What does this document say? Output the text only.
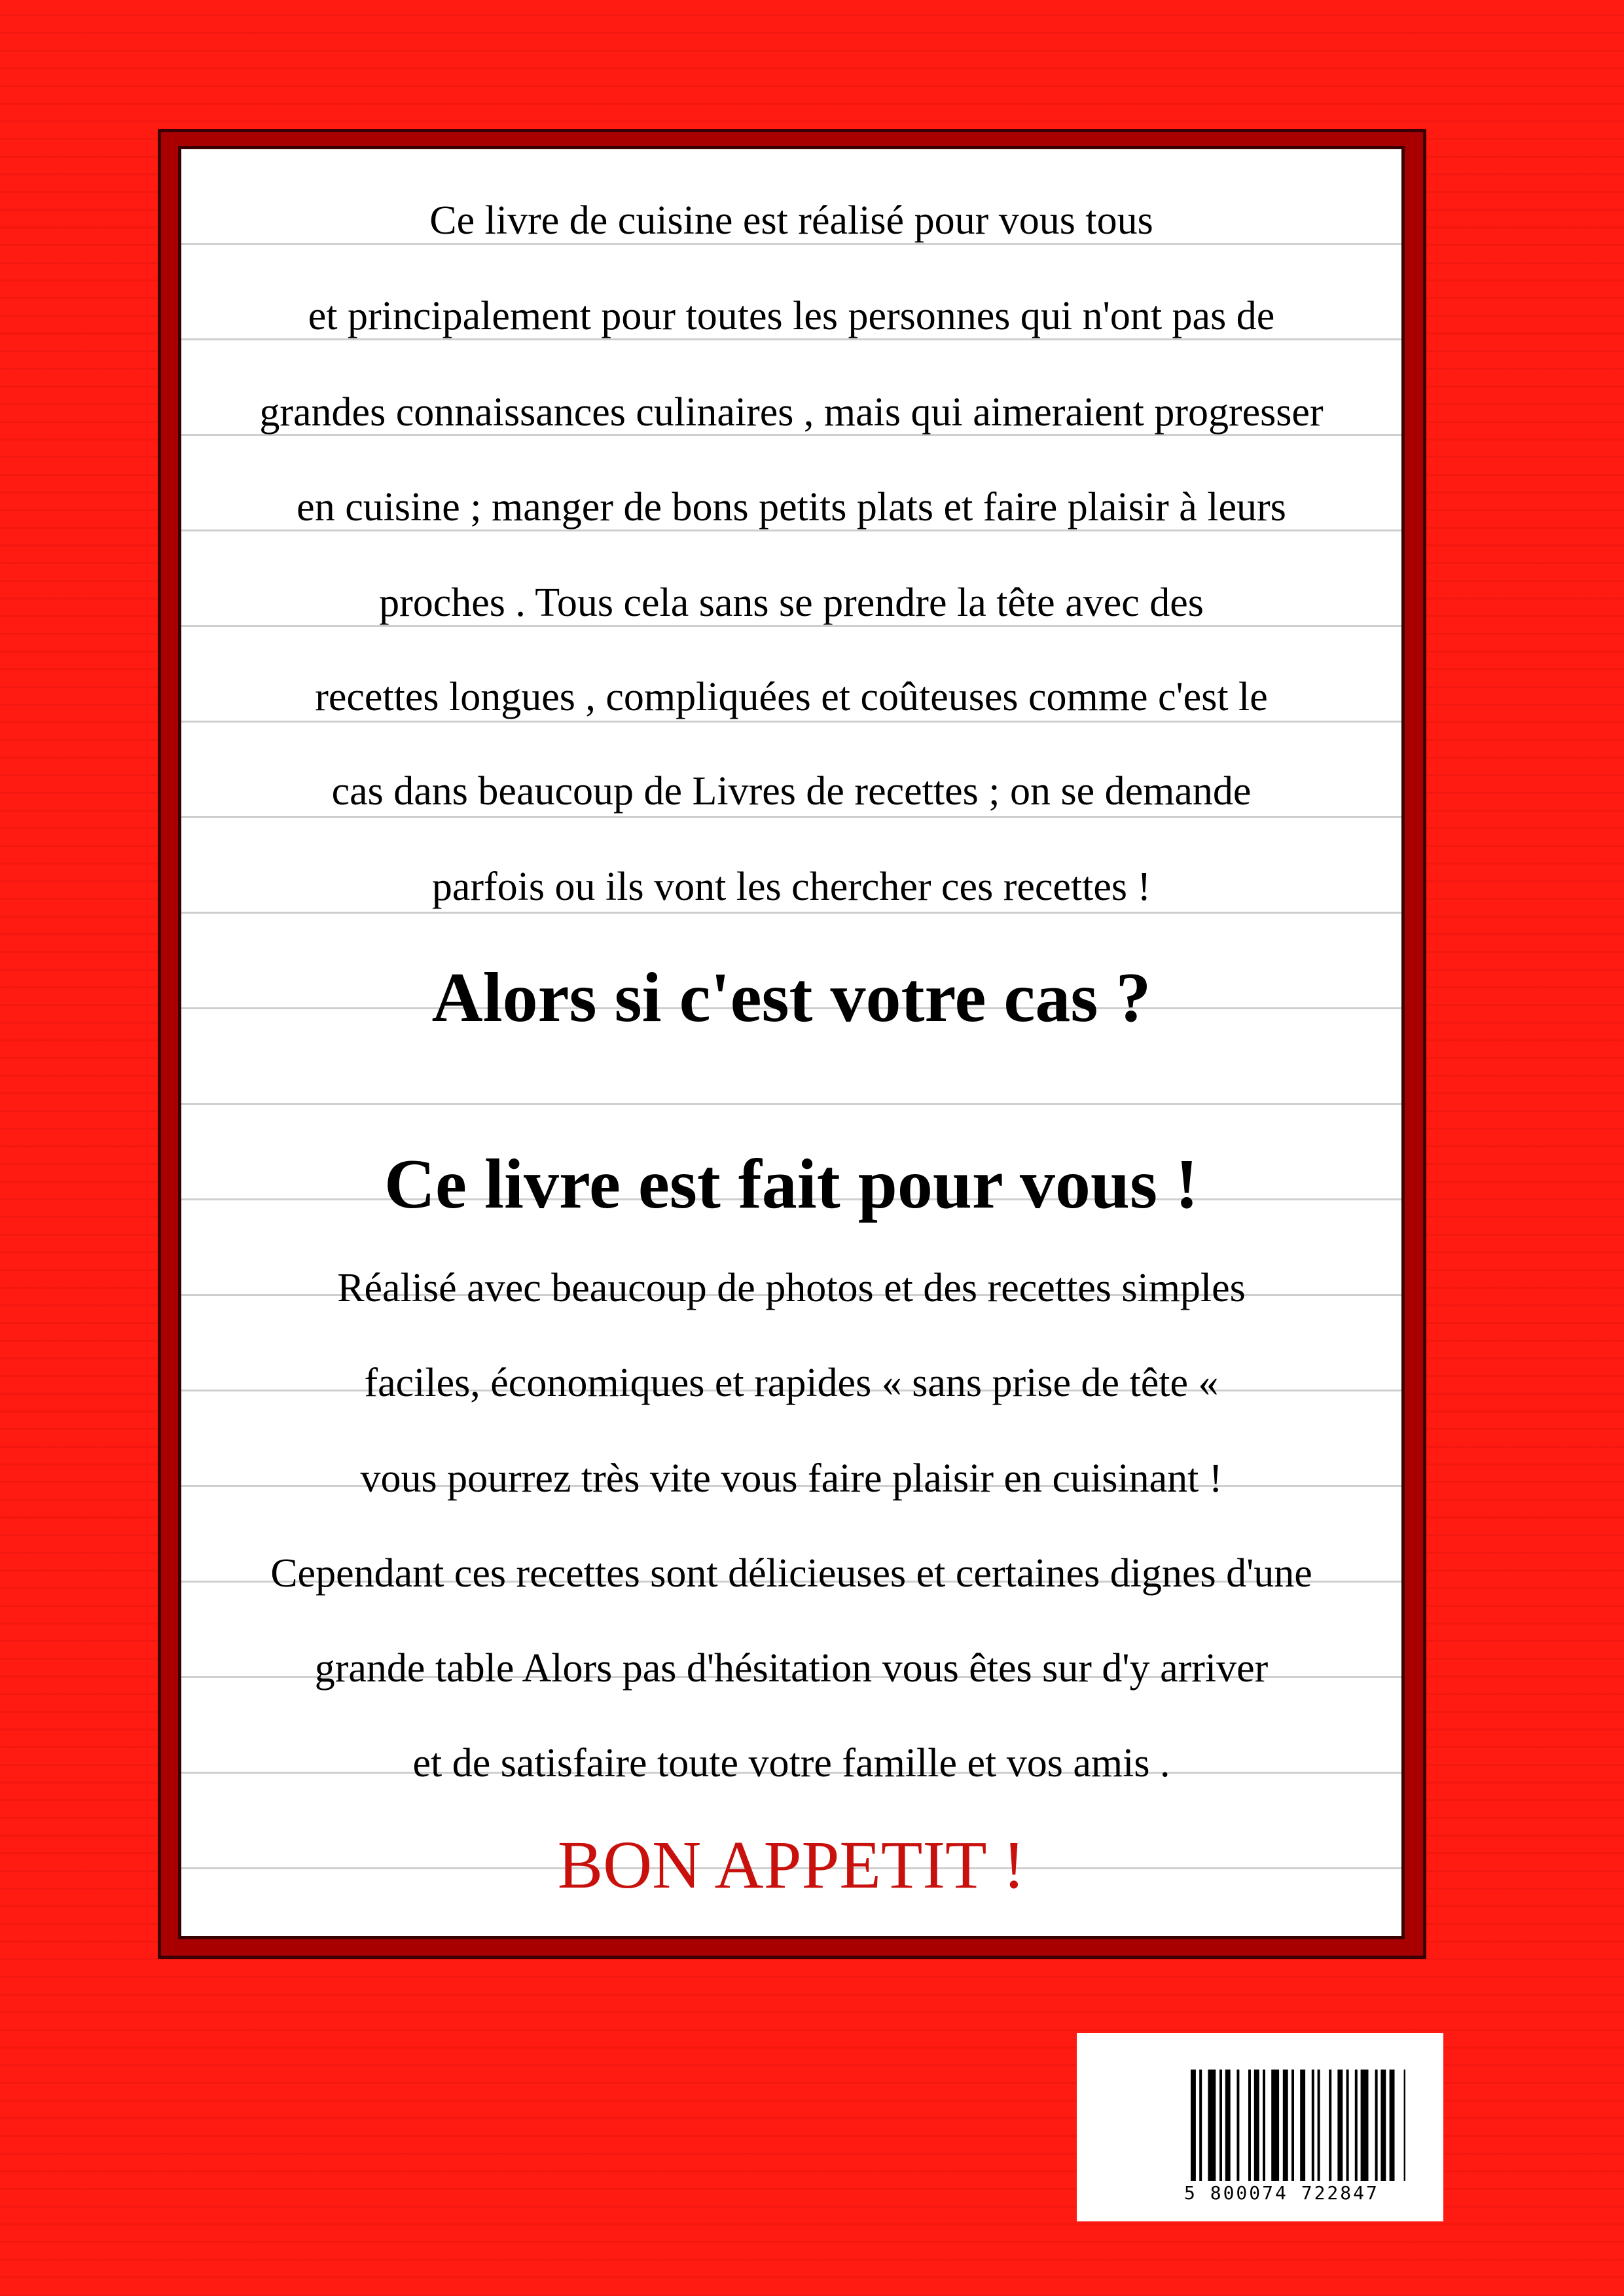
Ce livre de cuisine est réalisé pour vous tous
et principalement pour toutes les personnes qui n'ont pas de
grandes connaissances culinaires , mais qui aimeraient progresser
en cuisine ; manger de bons petits plats et faire plaisir à leurs
proches . Tous cela sans se prendre la tête avec des
recettes longues , compliquées et coûteuses comme c'est le
cas dans beaucoup de Livres de recettes ; on se demande
parfois ou ils vont les chercher ces recettes !
Alors si c'est votre cas ?
Ce livre est fait pour vous !
Réalisé avec beaucoup de photos et des recettes simples
faciles, économiques et rapides « sans prise de tête «
vous pourrez très vite vous faire plaisir en cuisinant !
Cependant ces recettes sont délicieuses et certaines dignes d'une
grande table Alors pas d'hésitation vous êtes sur d'y arriver
et de satisfaire toute votre famille et vos amis .
BON APPETIT !
5 800074 722847
